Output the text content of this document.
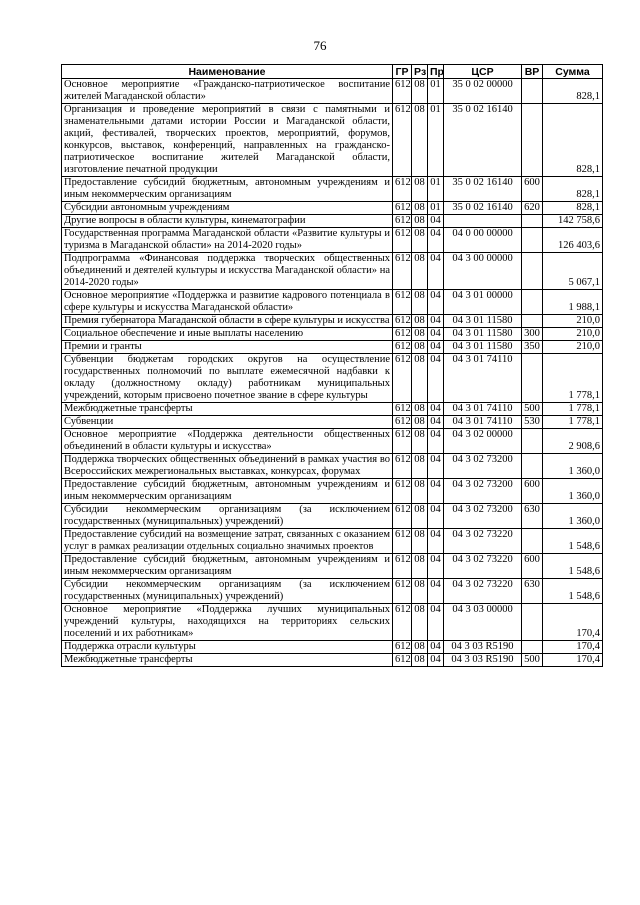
76
Наименование	ГР	Рз	Пр	ЦСР	ВР	Сумма
Основное мероприятие «Гражданско-патриотическое воспитание жителей Магаданской области»	612	08	01	35 0 02 00000		828,1
Организация и проведение мероприятий в связи с памятными и знаменательными датами истории России и Магаданской области, акций, фестивалей, творческих проектов, мероприятий, форумов, конкурсов, выставок, конференций, направленных на гражданско-патриотическое воспитание жителей Магаданской области, изготовление печатной продукции	612	08	01	35 0 02 16140		828,1
Предоставление субсидий бюджетным, автономным учреждениям и иным некоммерческим организациям	612	08	01	35 0 02 16140	600	828,1
Субсидии автономным учреждениям	612	08	01	35 0 02 16140	620	828,1
Другие вопросы в области культуры, кинематографии	612	08	04			142 758,6
Государственная программа Магаданской области «Развитие культуры и туризма в Магаданской области» на 2014-2020 годы»	612	08	04	04 0 00 00000		126 403,6
Подпрограмма «Финансовая поддержка творческих общественных объединений и деятелей культуры и искусства Магаданской области» на 2014-2020 годы»	612	08	04	04 3 00 00000		5 067,1
Основное мероприятие «Поддержка и развитие кадрового потенциала в сфере культуры и искусства Магаданской области»	612	08	04	04 3 01 00000		1 988,1
Премия губернатора Магаданской области в сфере культуры и искусства	612	08	04	04 3 01 11580		210,0
Социальное обеспечение и иные выплаты населению	612	08	04	04 3 01 11580	300	210,0
Премии и гранты	612	08	04	04 3 01 11580	350	210,0
Субвенции бюджетам городских округов на осуществление государственных полномочий по выплате ежемесячной надбавки к окладу (должностному окладу) работникам муниципальных учреждений, которым присвоено почетное звание в сфере культуры	612	08	04	04 3 01 74110		1 778,1
Межбюджетные трансферты	612	08	04	04 3 01 74110	500	1 778,1
Субвенции	612	08	04	04 3 01 74110	530	1 778,1
Основное мероприятие «Поддержка деятельности общественных объединений в области культуры и искусства»	612	08	04	04 3 02 00000		2 908,6
Поддержка творческих общественных объединений в рамках участия во Всероссийских межрегиональных выставках, конкурсах, форумах	612	08	04	04 3 02 73200		1 360,0
Предоставление субсидий бюджетным, автономным учреждениям и иным некоммерческим организациям	612	08	04	04 3 02 73200	600	1 360,0
Субсидии некоммерческим организациям (за исключением государственных (муниципальных) учреждений)	612	08	04	04 3 02 73200	630	1 360,0
Предоставление субсидий на возмещение затрат, связанных с оказанием услуг в рамках реализации отдельных социально значимых проектов	612	08	04	04 3 02 73220		1 548,6
Предоставление субсидий бюджетным, автономным учреждениям и иным некоммерческим организациям	612	08	04	04 3 02 73220	600	1 548,6
Субсидии некоммерческим организациям (за исключением государственных (муниципальных) учреждений)	612	08	04	04 3 02 73220	630	1 548,6
Основное мероприятие «Поддержка лучших муниципальных учреждений культуры, находящихся на территориях сельских поселений и их работникам»	612	08	04	04 3 03 00000		170,4
Поддержка отрасли культуры	612	08	04	04 3 03 R5190		170,4
Межбюджетные трансферты	612	08	04	04 3 03 R5190	500	170,4
